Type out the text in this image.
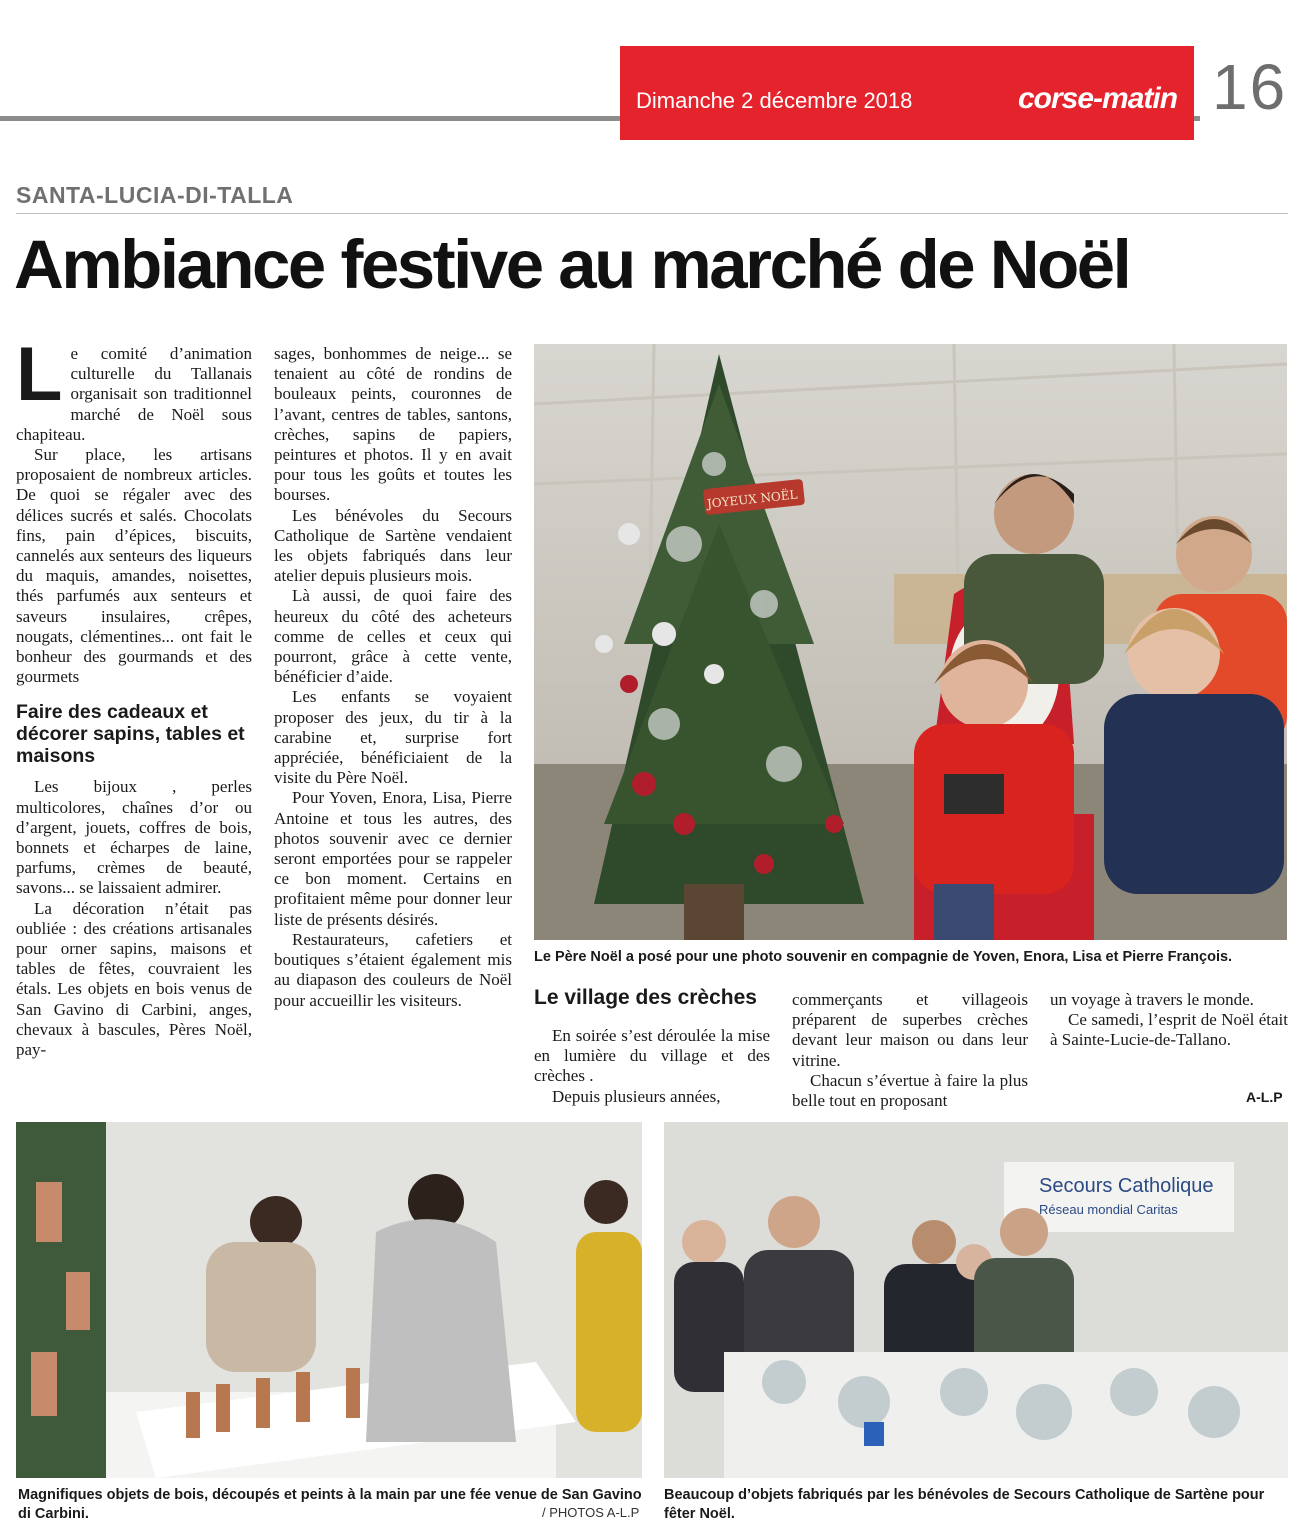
Dimanche 2 décembre 2018	corse-matin 16
SANTA-LUCIA-DI-TALLA
Ambiance festive au marché de Noël

Le comité d’animation culturelle du Tallanais organisait son traditionnel marché de Noël sous chapiteau.

Sur place, les artisans proposaient de nombreux articles. De quoi se régaler avec des délices sucrés et salés. Chocolats fins, pain d’épices, biscuits, cannelés aux senteurs des liqueurs du maquis, amandes, noisettes, thés parfumés aux senteurs et saveurs insulaires, crêpes, nougats, clémentines... ont fait le bonheur des gourmands et des gourmets

Faire des cadeaux et décorer sapins, tables et maisons

Les bijoux , perles multicolores, chaînes d’or ou d’argent, jouets, coffres de bois, bonnets et écharpes de laine, parfums, crèmes de beauté, savons... se laissaient admirer.

La décoration n’était pas oubliée : des créations artisanales pour orner sapins, maisons et tables de fêtes, couvraient les étals. Les objets en bois venus de San Gavino di Carbini, anges, chevaux à bascules, Pères Noël, pay-

sages, bonhommes de neige... se tenaient au côté de rondins de bouleaux peints, couronnes de l’avant, centres de tables, santons, crèches, sapins de papiers, peintures et photos. Il y en avait pour tous les goûts et toutes les bourses.

Les bénévoles du Secours Catholique de Sartène vendaient les objets fabriqués dans leur atelier depuis plusieurs mois.

Là aussi, de quoi faire des heureux du côté des acheteurs comme de celles et ceux qui pourront, grâce à cette vente, bénéficier d’aide.

Les enfants se voyaient proposer des jeux, du tir à la carabine et, surprise fort appréciée, bénéficiaient de la visite du Père Noël.

Pour Yoven, Enora, Lisa, Pierre Antoine et tous les autres, des photos souvenir avec ce dernier seront emportées pour se rappeler ce bon moment. Certains en profitaient même pour donner leur liste de présents désirés.

Restaurateurs, cafetiers et boutiques s’étaient également mis au diapason des couleurs de Noël pour accueillir les visiteurs.

JOYEUX NOËL
Le Père Noël a posé pour une photo souvenir en compagnie de Yoven, Enora, Lisa et Pierre François.
Le village des crèches

En soirée s’est déroulée la mise en lumière du village et des crèches .

Depuis plusieurs années,

commerçants et villageois préparent de superbes crèches devant leur maison ou dans leur vitrine.

Chacun s’évertue à faire la plus belle tout en proposant

un voyage à travers le monde.

Ce samedi, l’esprit de Noël était à Sainte-Lucie-de-Tallano.

A-L.P
Magnifiques objets de bois, découpés et peints à la main par une fée venue de San Gavino di Carbini.	/ PHOTOS A-L.P
Secours Catholique
Réseau mondial Caritas
Beaucoup d’objets fabriqués par les bénévoles de Secours Catholique de Sartène pour fêter Noël.
